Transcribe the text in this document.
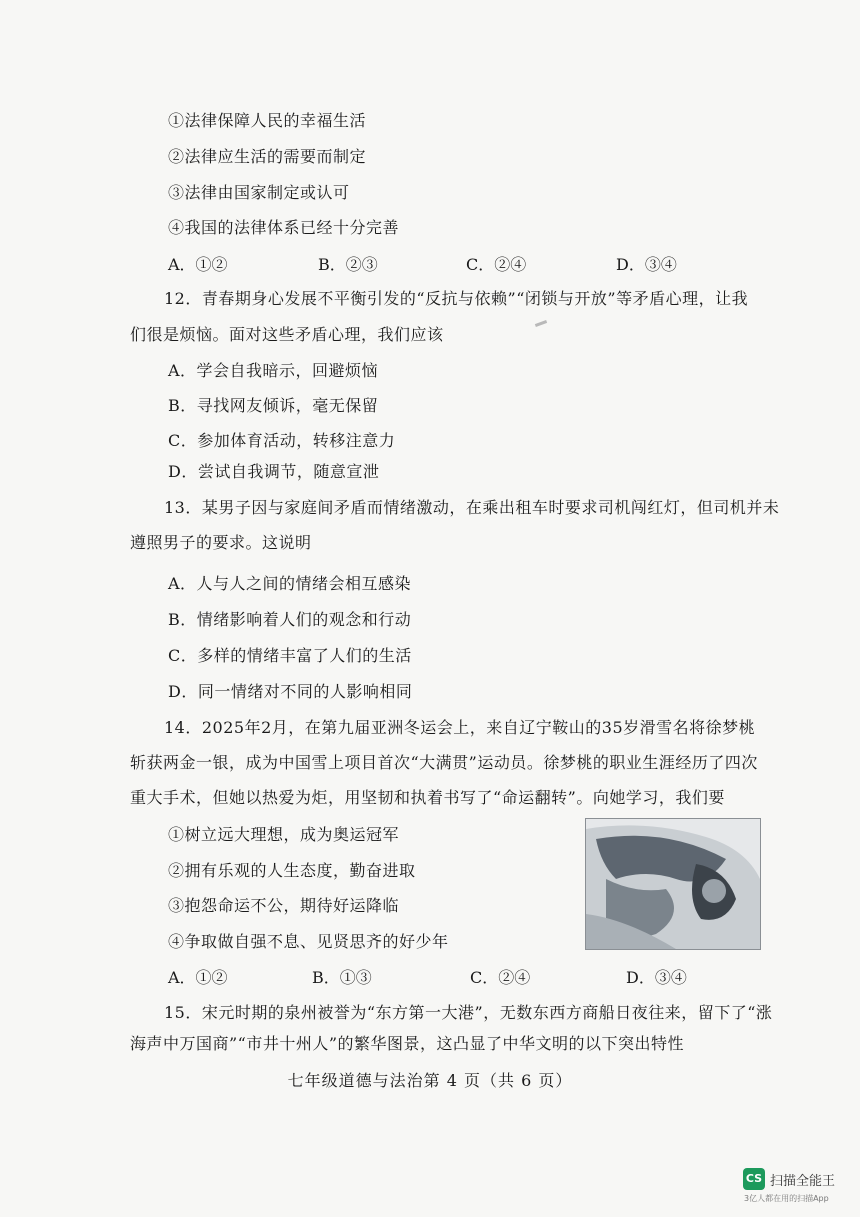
①法律保障人民的幸福生活
②法律应生活的需要而制定
③法律由国家制定或认可
④我国的法律体系已经十分完善
A．①②	B．②③	C．②④	D．③④
12．青春期身心发展不平衡引发的“反抗与依赖”“闭锁与开放”等矛盾心理，让我
们很是烦恼。面对这些矛盾心理，我们应该
A．学会自我暗示，回避烦恼
B．寻找网友倾诉，毫无保留
C．参加体育活动，转移注意力
D．尝试自我调节，随意宣泄
13．某男子因与家庭间矛盾而情绪激动，在乘出租车时要求司机闯红灯，但司机并未
遵照男子的要求。这说明
A．人与人之间的情绪会相互感染
B．情绪影响着人们的观念和行动
C．多样的情绪丰富了人们的生活
D．同一情绪对不同的人影响相同
14．2025年2月，在第九届亚洲冬运会上，来自辽宁鞍山的35岁滑雪名将徐梦桃
斩获两金一银，成为中国雪上项目首次“大满贯”运动员。徐梦桃的职业生涯经历了四次
重大手术，但她以热爱为炬，用坚韧和执着书写了“命运翻转”。向她学习，我们要
①树立远大理想，成为奥运冠军
②拥有乐观的人生态度，勤奋进取
③抱怨命运不公，期待好运降临
④争取做自强不息、见贤思齐的好少年
A．①②	B．①③	C．②④	D．③④
15．宋元时期的泉州被誉为“东方第一大港”，无数东西方商船日夜往来，留下了“涨
海声中万国商”“市井十州人”的繁华图景，这凸显了中华文明的以下突出特性
七年级道德与法治第 4 页（共 6 页）
CS 扫描全能王
3亿人都在用的扫描App
